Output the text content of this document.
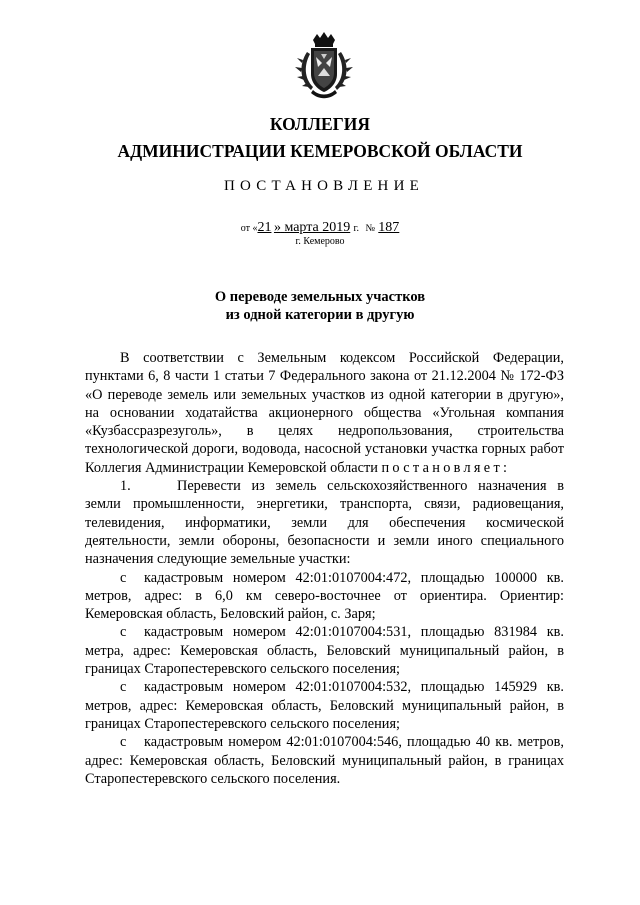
КОЛЛЕГИЯ

АДМИНИСТРАЦИИ КЕМЕРОВСКОЙ ОБЛАСТИ

ПОСТАНОВЛЕНИЕ
от «21 » марта 2019 г. № 187
г. Кемерово
О переводе земельных участков
из одной категории в другую

В соответствии с Земельным кодексом Российской Федерации, пунктами 6, 8 части 1 статьи 7 Федерального закона от 21.12.2004 № 172-ФЗ «О переводе земель или земельных участков из одной категории в другую», на основании ходатайства акционерного общества «Угольная компания «Кузбассразрезуголь», в целях недропользования, строительства технологической дороги, водовода, насосной установки участка горных работ Коллегия Администрации Кемеровской области постановляет:

1.	Перевести из земель сельскохозяйственного назначения в земли промышленности, энергетики, транспорта, связи, радиовещания, телевидения, информатики, земли для обеспечения космической деятельности, земли обороны, безопасности и земли иного специального назначения следующие земельные участки:

с кадастровым номером 42:01:0107004:472, площадью 100000 кв. метров, адрес: в 6,0 км северо-восточнее от ориентира. Ориентир: Кемеровская область, Беловский район, с. Заря;

с кадастровым номером 42:01:0107004:531, площадью 831984 кв. метра, адрес: Кемеровская область, Беловский муниципальный район, в границах Старопестеревского сельского поселения;

с кадастровым номером 42:01:0107004:532, площадью 145929 кв. метров, адрес: Кемеровская область, Беловский муниципальный район, в границах Старопестеревского сельского поселения;

с кадастровым номером 42:01:0107004:546, площадью 40 кв. метров, адрес: Кемеровская область, Беловский муниципальный район, в границах Старопестеревского сельского поселения.
